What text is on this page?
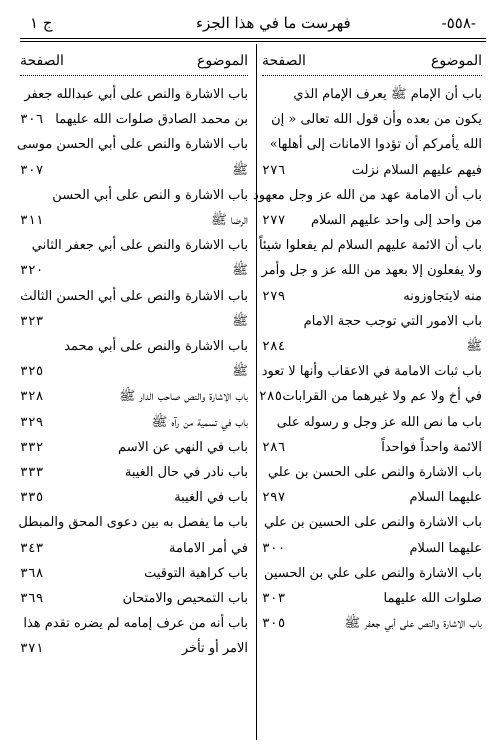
-٥٥٨-
فهرست ما في هذا الجزء
ج ١
الموضوع
الصفحة
باب أن الإمام ﷺ يعرف الإمام الذي
يكون من بعده وأن قول الله تعالى « إن
الله يأمركم أن تؤدوا الامانات إلى أهلها»
فيهم عليهم السلام نزلت
٢٧٦
باب أن الامامة عهد من الله عز وجل معهود
من واحد إلى واحد عليهم السلام
٢٧٧
باب أن الائمة عليهم السلام لم يفعلوا شيئاً
ولا يفعلون إلا بعهد من الله عز و جل وأمر
منه لايتجاوزونه
٢٧٩
باب الامور التي توجب حجة الامام
ﷺ
٢٨٤
باب ثبات الامامة في الاعقاب وأنها لا تعود
في أخ ولا عم ولا غيرهما من القرابات
٢٨٥
باب ما نص الله عز وجل و رسوله على
الائمة واحداً فواحداً
٢٨٦
باب الاشارة والنص على الحسن بن علي
عليهما السلام
٢٩٧
باب الاشارة والنص على الحسين بن علي
عليهما السلام
٣٠٠
باب الاشارة والنص على علي بن الحسين
صلوات الله عليهما
٣٠٣
باب الاشارة والنص على أبي جعفر ﷺ
٣٠٥
الموضوع
الصفحة
باب الاشارة والنص على أبي عبدالله جعفر
بن محمد الصادق صلوات الله عليهما
٣٠٦
باب الاشارة والنص على أبي الحسن موسى
ﷺ
٣٠٧
باب الاشارة و النص على أبي الحسن
الرضا ﷺ
٣١١
باب الاشارة والنص على أبي جعفر الثاني
ﷺ
٣٢٠
باب الاشارة والنص على أبي الحسن الثالث
ﷺ
٣٢٣
باب الاشارة والنص على أبي محمد
ﷺ
٣٢٥
باب الاشارة والنص صاحب الدار ﷺ
٣٢٨
باب في تسمية من رآه ﷺ
٣٢٩
باب في النهي عن الاسم
٣٣٢
باب نادر في حال الغيبة
٣٣٣
باب في الغيبة
٣٣٥
باب ما يفصل به بين دعوى المحق والمبطل
في أمر الامامة
٣٤٣
باب كراهية التوقيت
٣٦٨
باب التمحيص والامتحان
٣٦٩
باب أنه من عرف إمامه لم يضره تقدم هذا
الامر أو تأخر
٣٧١
